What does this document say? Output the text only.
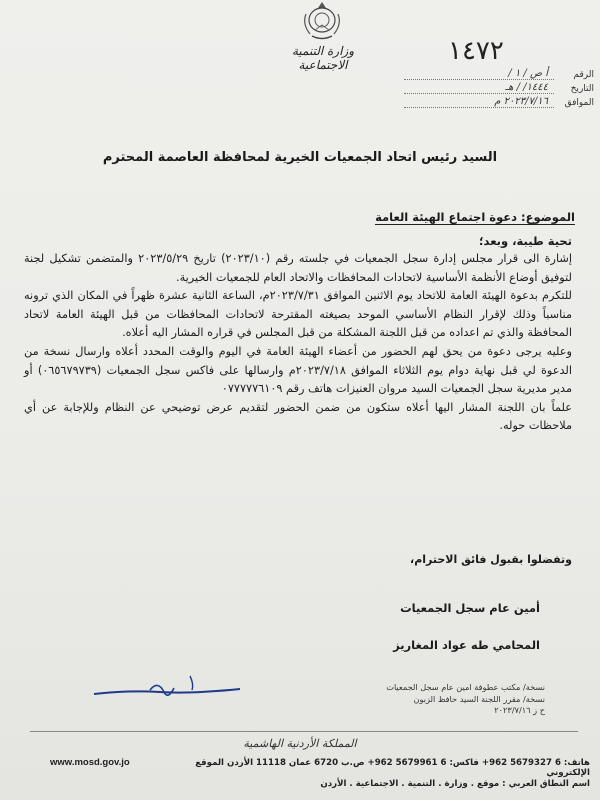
وزارة التنمية الاجتماعية	١٤٧٢
الرقم
أ ص / ١ /
التاريخ
١٤٤٤/ / هـ
الموافق
٢٠٢٣/٧/١٦ م
السيد رئيس اتحاد الجمعيات الخيرية لمحافظة العاصمة المحترم
الموضوع: دعوة اجتماع الهيئة العامة
تحية طيبة، وبعد؛

إشارة الى قرار مجلس إدارة سجل الجمعيات في جلسته رقم (٢٠٢٣/١٠) تاريخ ٢٠٢٣/٥/٢٩ والمتضمن تشكيل لجنة لتوفيق أوضاع الأنظمة الأساسية لاتحادات المحافظات والاتحاد العام للجمعيات الخيرية.

للتكرم بدعوة الهيئة العامة للاتحاد يوم الاثنين الموافق ٢٠٢٣/٧/٣١م، الساعة الثانية عشرة ظهراً في المكان الذي ترونه مناسباً وذلك لإقرار النظام الأساسي الموحد بصيغته المقترحة لاتحادات المحافظات من قبل الهيئة العامة لاتحاد المحافظة والذي تم اعداده من قبل اللجنة المشكلة من قبل المجلس في قراره المشار اليه أعلاه.

وعليه يرجى دعوة من يحق لهم الحضور من أعضاء الهيئة العامة في اليوم والوقت المحدد أعلاه وارسال نسخة من الدعوة لي قبل نهاية دوام يوم الثلاثاء الموافق ٢٠٢٣/٧/١٨م وارسالها على فاكس سجل الجمعيات (٠٦٥٦٧٩٧٣٩) أو مدير مديرية سجل الجمعيات السيد مروان العنيزات هاتف رقم ٠٧٧٧٧٧٦١٠٩

علماً بان اللجنة المشار اليها أعلاه ستكون من ضمن الحضور لتقديم عرض توضيحي عن النظام وللإجابة عن أي ملاحظات حوله.

وتفضلوا بقبول فائق الاحترام،
أمين عام سجل الجمعيات
المحامي طه عواد المغاريز
نسخة/ مكتب عطوفة امين عام سجل الجمعيات
نسخة/ مقرر اللجنة السيد حافظ الزبون
ح ز ٢٠٢٣/٧/١٦
المملكة الأردنية الهاشمية
www.mosd.gov.jo	هاتف: 6 5679327 962+ فاكس: 6 5679961 962+ ص.ب 6720 عمان 11118 الأردن الموقع الإلكتروني
اسم النطاق العربي : موقع . وزارة . التنمية . الاجتماعية . الأردن
